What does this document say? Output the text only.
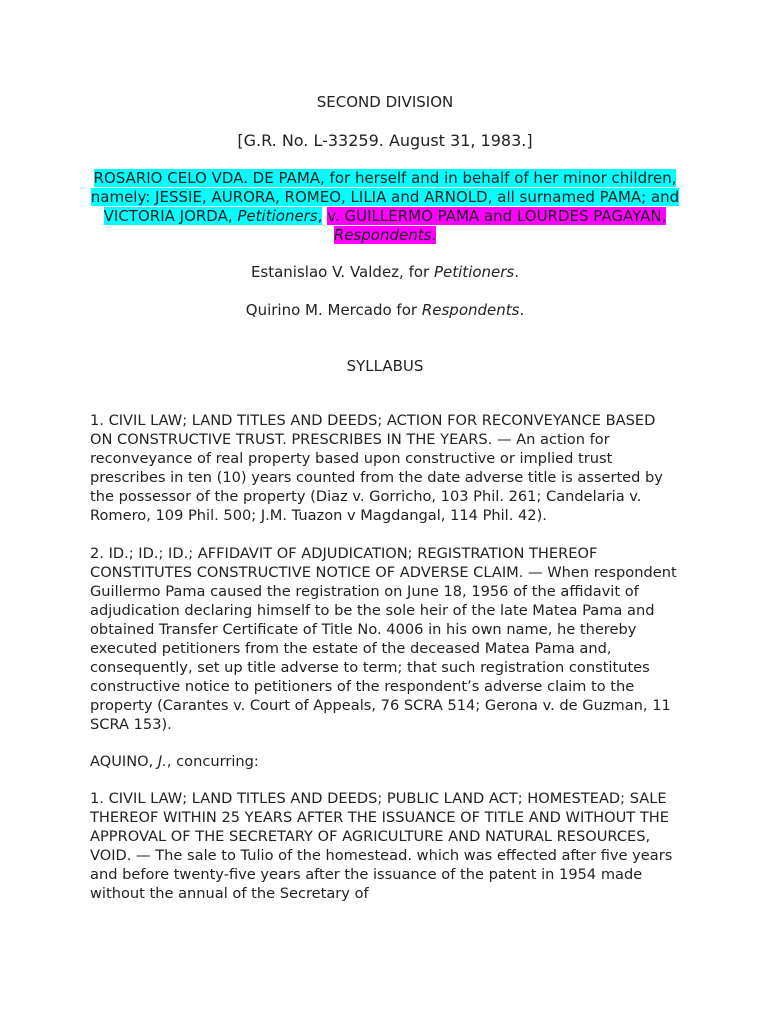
SECOND DIVISION
[G.R. No. L-33259. August 31, 1983.]
ROSARIO CELO VDA. DE PAMA, for herself and in behalf of her minor children, namely: JESSIE, AURORA, ROMEO, LILIA and ARNOLD, all surnamed PAMA; and VICTORIA JORDA, Petitioners, v. GUILLERMO PAMA and LOURDES PAGAYAN, Respondents.
Estanislao V. Valdez, for Petitioners.
Quirino M. Mercado for Respondents.
SYLLABUS
1. CIVIL LAW; LAND TITLES AND DEEDS; ACTION FOR RECONVEYANCE BASED ON CONSTRUCTIVE TRUST. PRESCRIBES IN THE YEARS. — An action for reconveyance of real property based upon constructive or implied trust prescribes in ten (10) years counted from the date adverse title is asserted by the possessor of the property (Diaz v. Gorricho, 103 Phil. 261; Candelaria v. Romero, 109 Phil. 500; J.M. Tuazon v Magdangal, 114 Phil. 42).
2. ID.; ID.; ID.; AFFIDAVIT OF ADJUDICATION; REGISTRATION THEREOF CONSTITUTES CONSTRUCTIVE NOTICE OF ADVERSE CLAIM. — When respondent Guillermo Pama caused the registration on June 18, 1956 of the affidavit of adjudication declaring himself to be the sole heir of the late Matea Pama and obtained Transfer Certificate of Title No. 4006 in his own name, he thereby executed petitioners from the estate of the deceased Matea Pama and, consequently, set up title adverse to term; that such registration constitutes constructive notice to petitioners of the respondent’s adverse claim to the property (Carantes v. Court of Appeals, 76 SCRA 514; Gerona v. de Guzman, 11 SCRA 153).
AQUINO, J., concurring:
1. CIVIL LAW; LAND TITLES AND DEEDS; PUBLIC LAND ACT; HOMESTEAD; SALE THEREOF WITHIN 25 YEARS AFTER THE ISSUANCE OF TITLE AND WITHOUT THE APPROVAL OF THE SECRETARY OF AGRICULTURE AND NATURAL RESOURCES, VOID. — The sale to Tulio of the homestead. which was effected after five years and before twenty-five years after the issuance of the patent in 1954 made without the annual of the Secretary of
